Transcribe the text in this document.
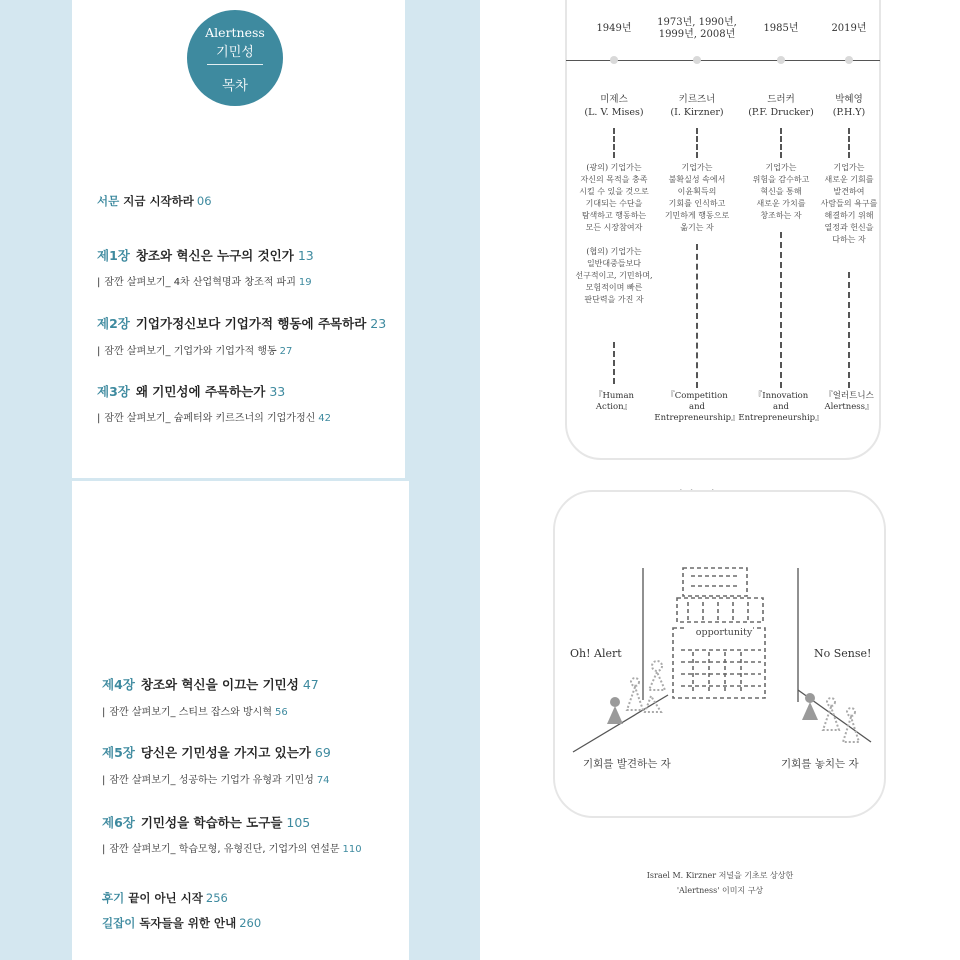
Alertness
기민성
목차
서문 지금 시작하라 06
제1장 창조와 혁신은 누구의 것인가 13
| 잠깐 살펴보기_ 4차 산업혁명과 창조적 파괴 19
제2장 기업가정신보다 기업가적 행동에 주목하라 23
| 잠깐 살펴보기_ 기업가와 기업가적 행동 27
제3장 왜 기민성에 주목하는가 33
| 잠깐 살펴보기_ 슘페터와 키르즈너의 기업가정신 42
제4장 창조와 혁신을 이끄는 기민성 47
| 잠깐 살펴보기_ 스티브 잡스와 방시혁 56
제5장 당신은 기민성을 가지고 있는가 69
| 잠깐 살펴보기_ 성공하는 기업가 유형과 기민성 74
제6장 기민성을 학습하는 도구들 105
| 잠깐 살펴보기_ 학습모형, 유형진단, 기업가의 연설문 110
후기 끝이 아닌 시작 256
길잡이 독자들을 위한 안내 260
1949년
미제스
(L. V. Mises)
(광의) 기업가는
자신의 목적을 충족
시킬 수 있을 것으로
기대되는 수단을
탐색하고 행동하는
모든 시장참여자
(협의) 기업가는
일반대중들보다
선구적이고, 기민하며,
모험적이며 빠른
판단력을 가진 자
『Human
Action』
1973년, 1990년,
1999년, 2008년
키르즈너
(I. Kirzner)
기업가는
불확실성 속에서
이윤획득의
기회를 인식하고
기민하게 행동으로
옮기는 자
『Competition
and
Entrepreneurship』
1985년
드러커
(P.F. Drucker)
기업가는
위험을 감수하고
혁신을 통해
새로운 가치를
창조하는 자
『Innovation
and
Entrepreneurship』
2019년
박혜영
(P.H.Y)
기업가는
새로운 기회를
발견하여
사람들의 욕구를
해결하기 위해
열정과 헌신을
다하는 자
『얼러트니스
Alertness』
opportunity
Oh! Alert	No Sense!
기회를 발견하는 자	기회를 놓치는 자
Israel M. Kirzner 저널을 기초로 상상한
'Alertness' 이미지 구상
